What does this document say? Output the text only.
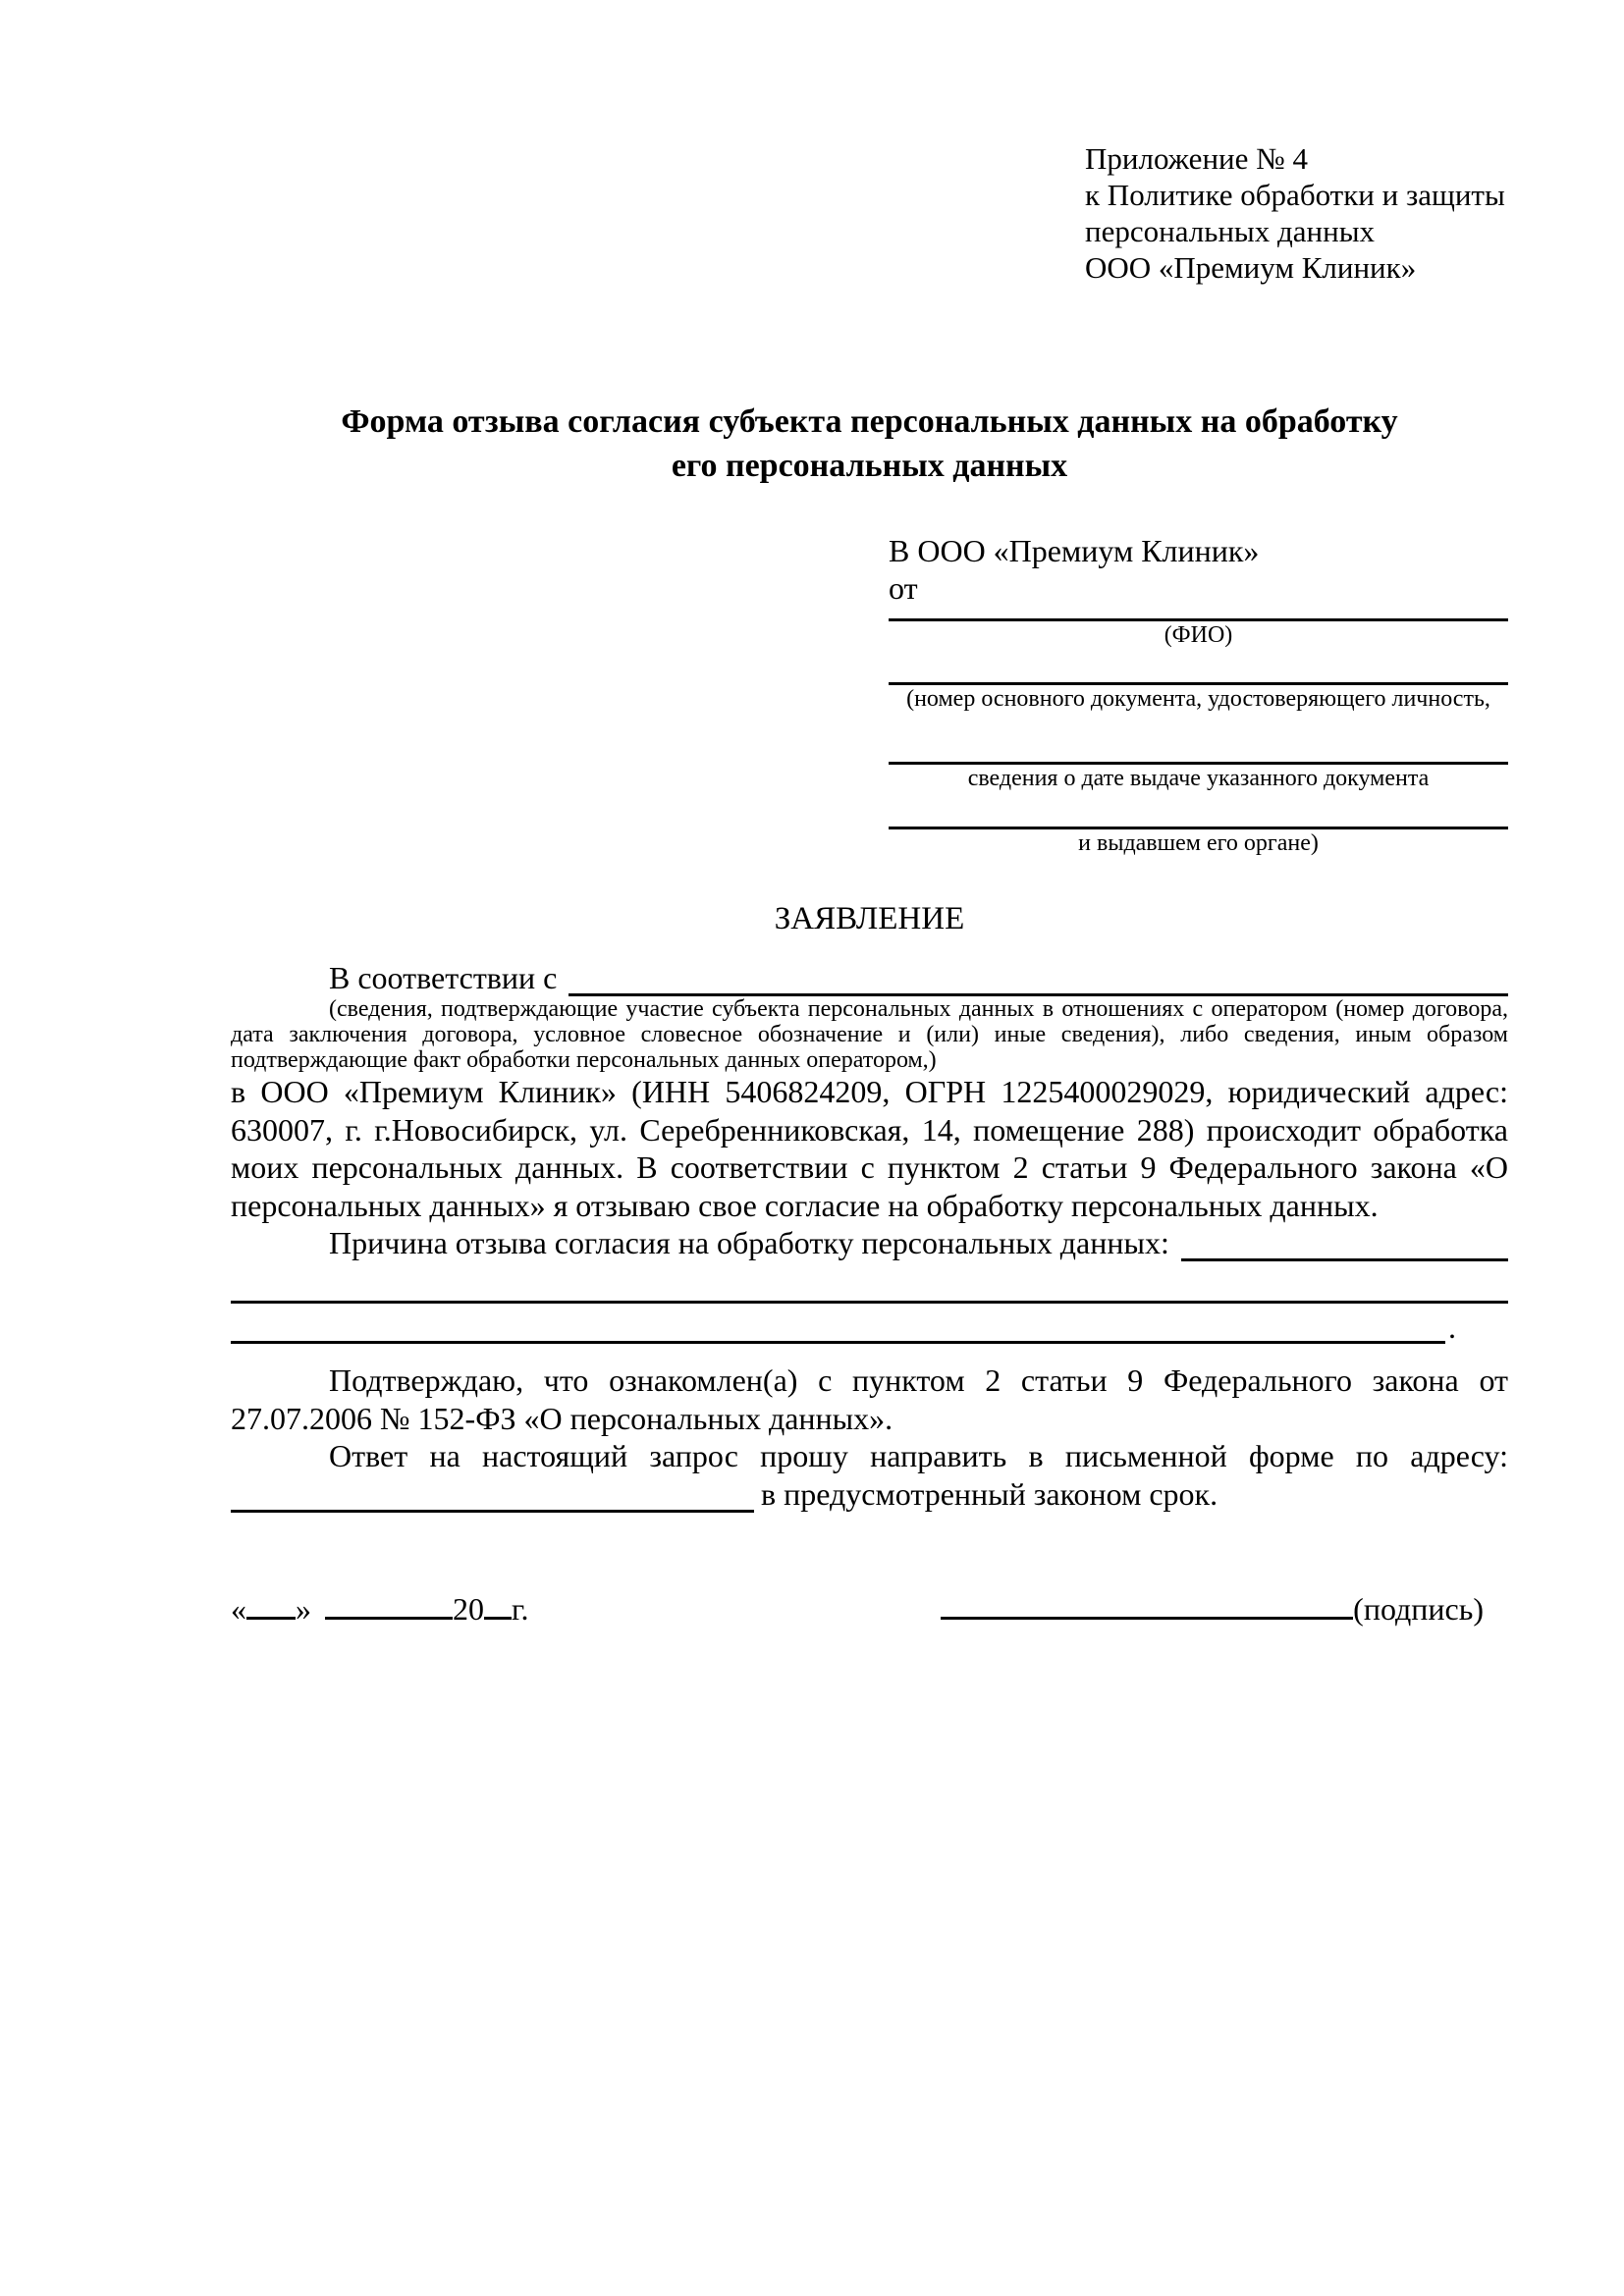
Приложение № 4
к Политике обработки и защиты
персональных данных
ООО «Премиум Клиник»
Форма отзыва согласия субъекта персональных данных на обработку
его персональных данных
В ООО «Премиум Клиник»
от
(ФИО)
(номер основного документа, удостоверяющего личность,
сведения о дате выдаче указанного документа
и выдавшем его органе)
ЗАЯВЛЕНИЕ
В соответствии с

(сведения, подтверждающие участие субъекта персональных данных в отношениях с оператором (номер договора, дата заключения договора, условное словесное обозначение и (или) иные сведения), либо сведения, иным образом подтверждающие факт обработки персональных данных оператором,)

в ООО «Премиум Клиник» (ИНН 5406824209, ОГРН 1225400029029, юридический адрес: 630007, г. г.Новосибирск, ул. Серебренниковская, 14, помещение 288) происходит обработка моих персональных данных. В соответствии с пунктом 2 статьи 9 Федерального закона «О персональных данных» я отзываю свое согласие на обработку персональных данных.

Причина отзыва согласия на обработку персональных данных:
.

Подтверждаю, что ознакомлен(а) с пунктом 2 статьи 9 Федерального закона от 27.07.2006 № 152-ФЗ «О персональных данных».

Ответ на настоящий запрос прошу направить в письменной форме по адресу:

в предусмотренный законом срок.
« »	20 г.	(подпись)
